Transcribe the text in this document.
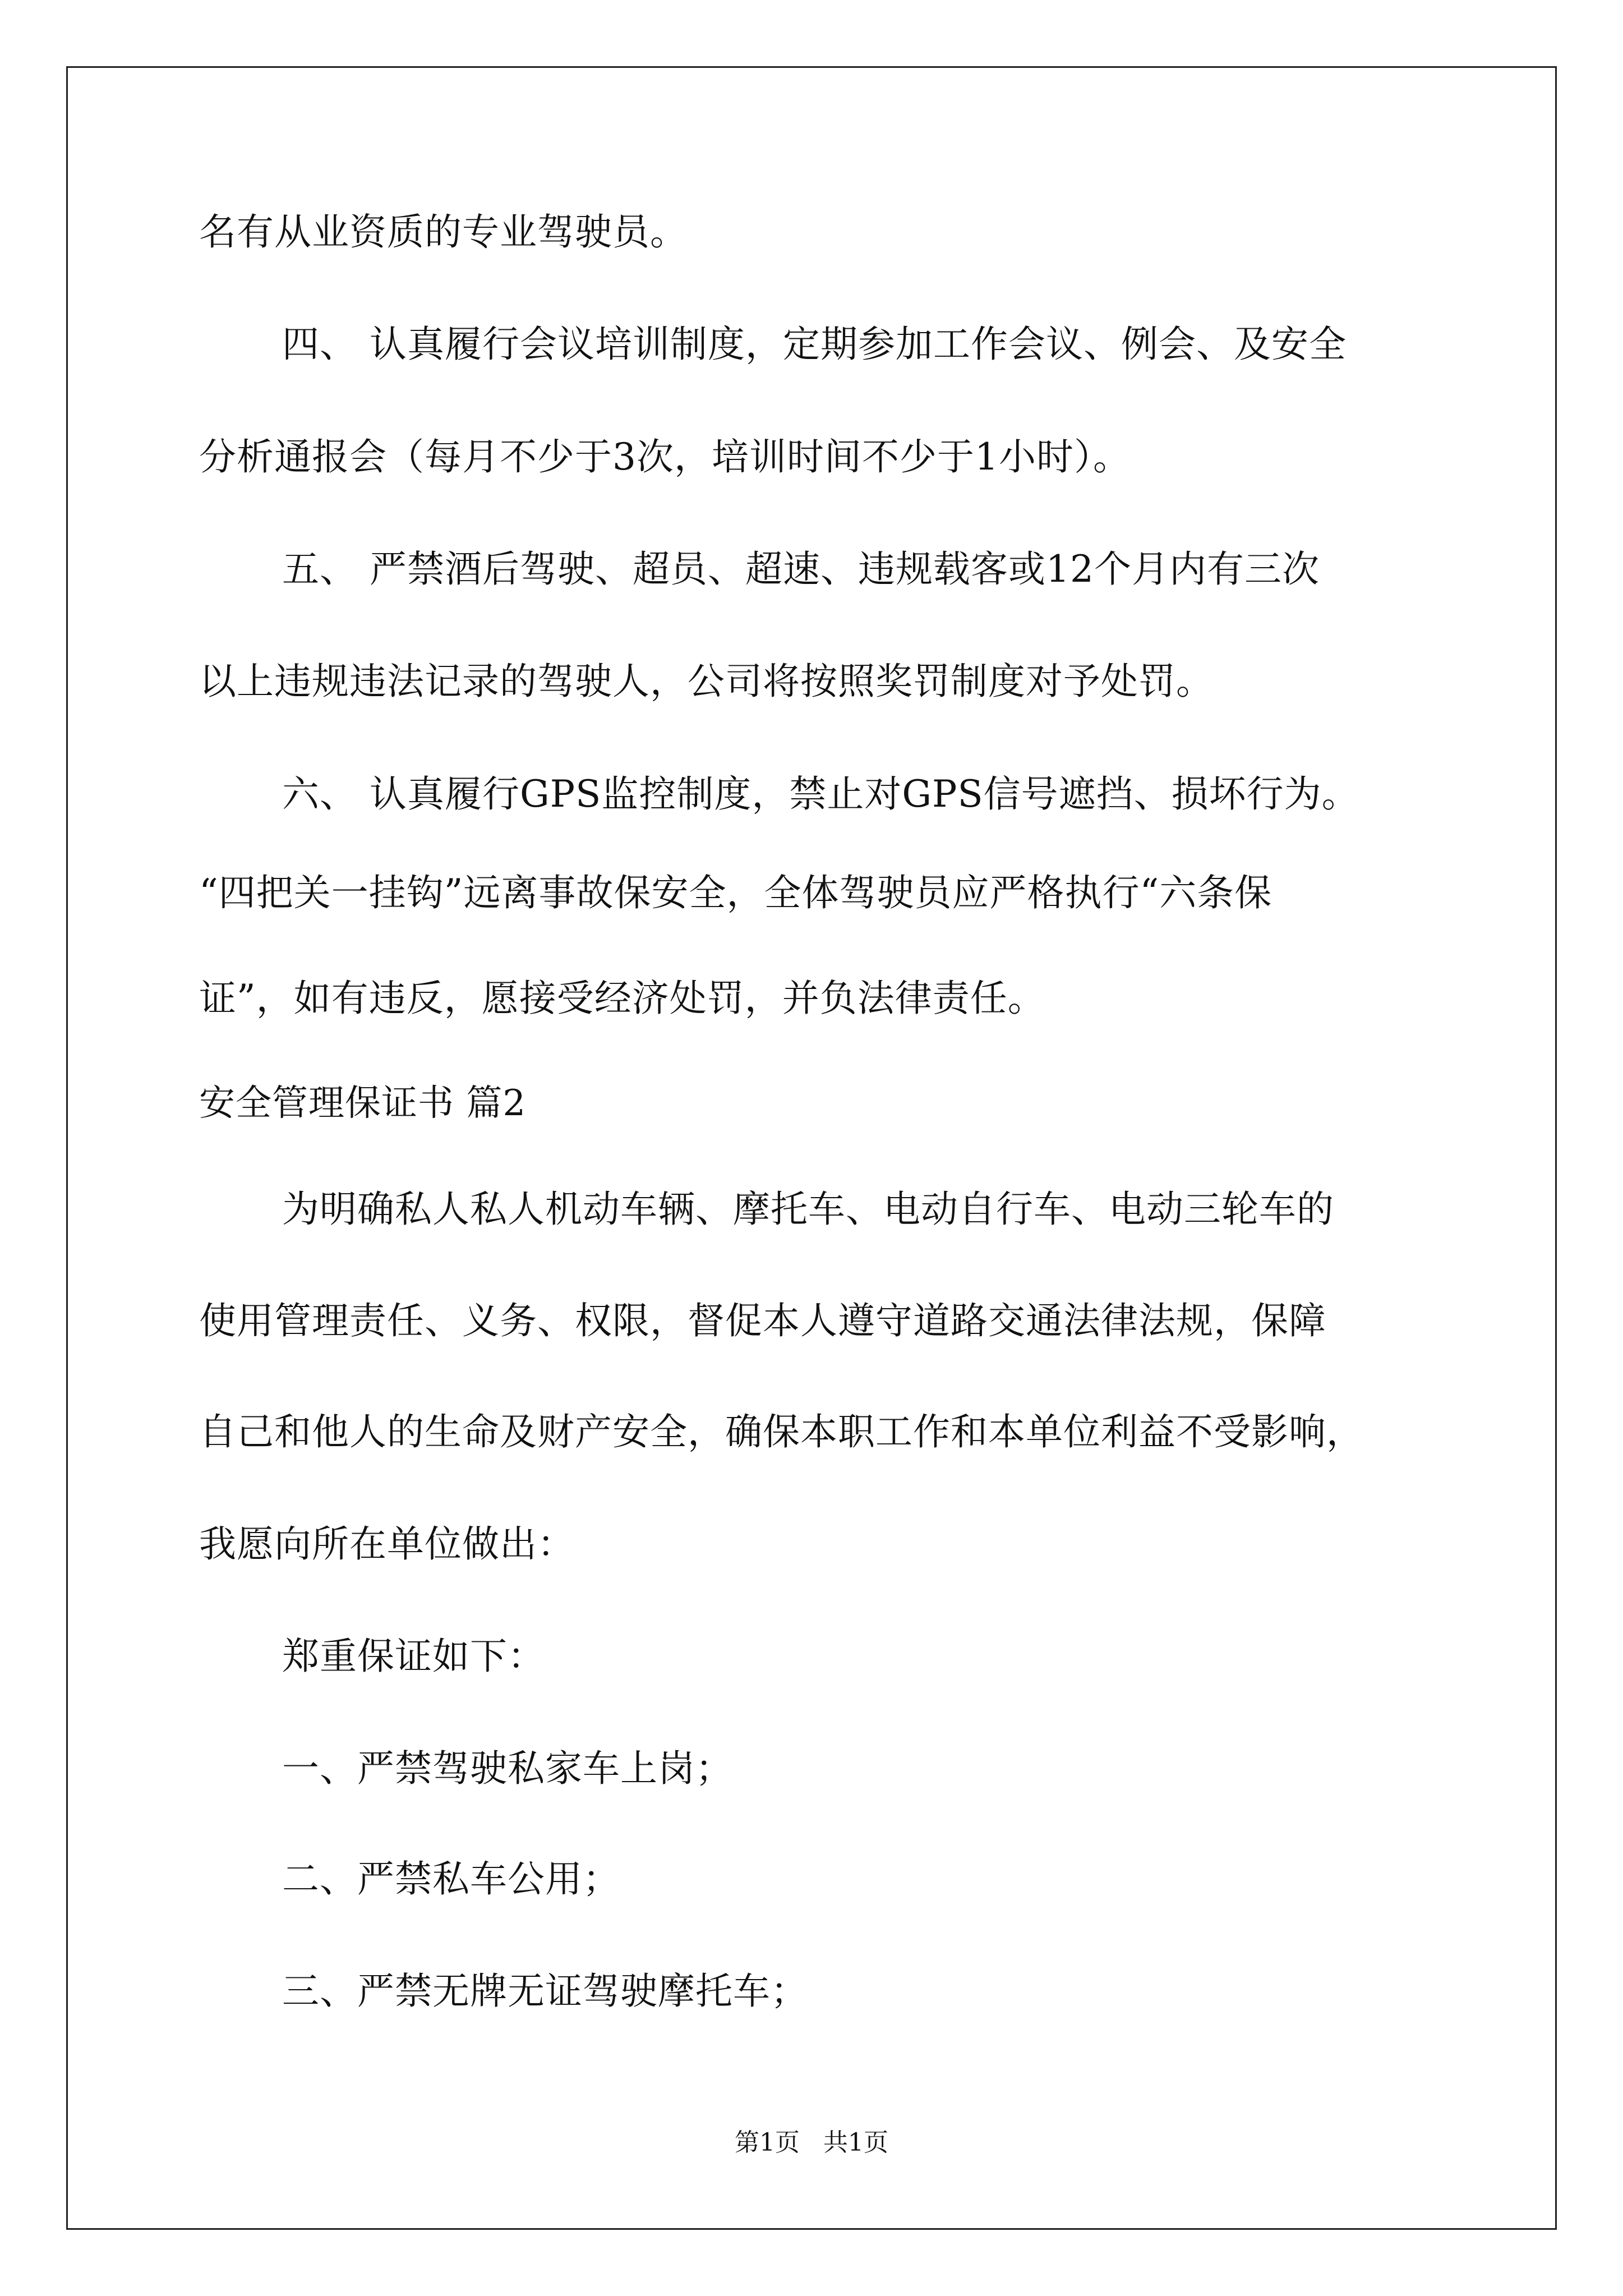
名有从业资质的专业驾驶员。
四、 认真履行会议培训制度，定期参加工作会议、例会、及安全
分析通报会（每月不少于3次，培训时间不少于1小时）。
五、 严禁酒后驾驶、超员、超速、违规载客或12个月内有三次
以上违规违法记录的驾驶人，公司将按照奖罚制度对予处罚。
六、 认真履行GPS监控制度，禁止对GPS信号遮挡、损坏行为。
“四把关一挂钩”远离事故保安全，全体驾驶员应严格执行“六条保
证”，如有违反，愿接受经济处罚，并负法律责任。
安全管理保证书 篇2
为明确私人私人机动车辆、摩托车、电动自行车、电动三轮车的
使用管理责任、义务、权限，督促本人遵守道路交通法律法规，保障
自己和他人的生命及财产安全，确保本职工作和本单位利益不受影响，
我愿向所在单位做出：
郑重保证如下：
一、严禁驾驶私家车上岗；
二、严禁私车公用；
三、严禁无牌无证驾驶摩托车；
第1页   共1页
